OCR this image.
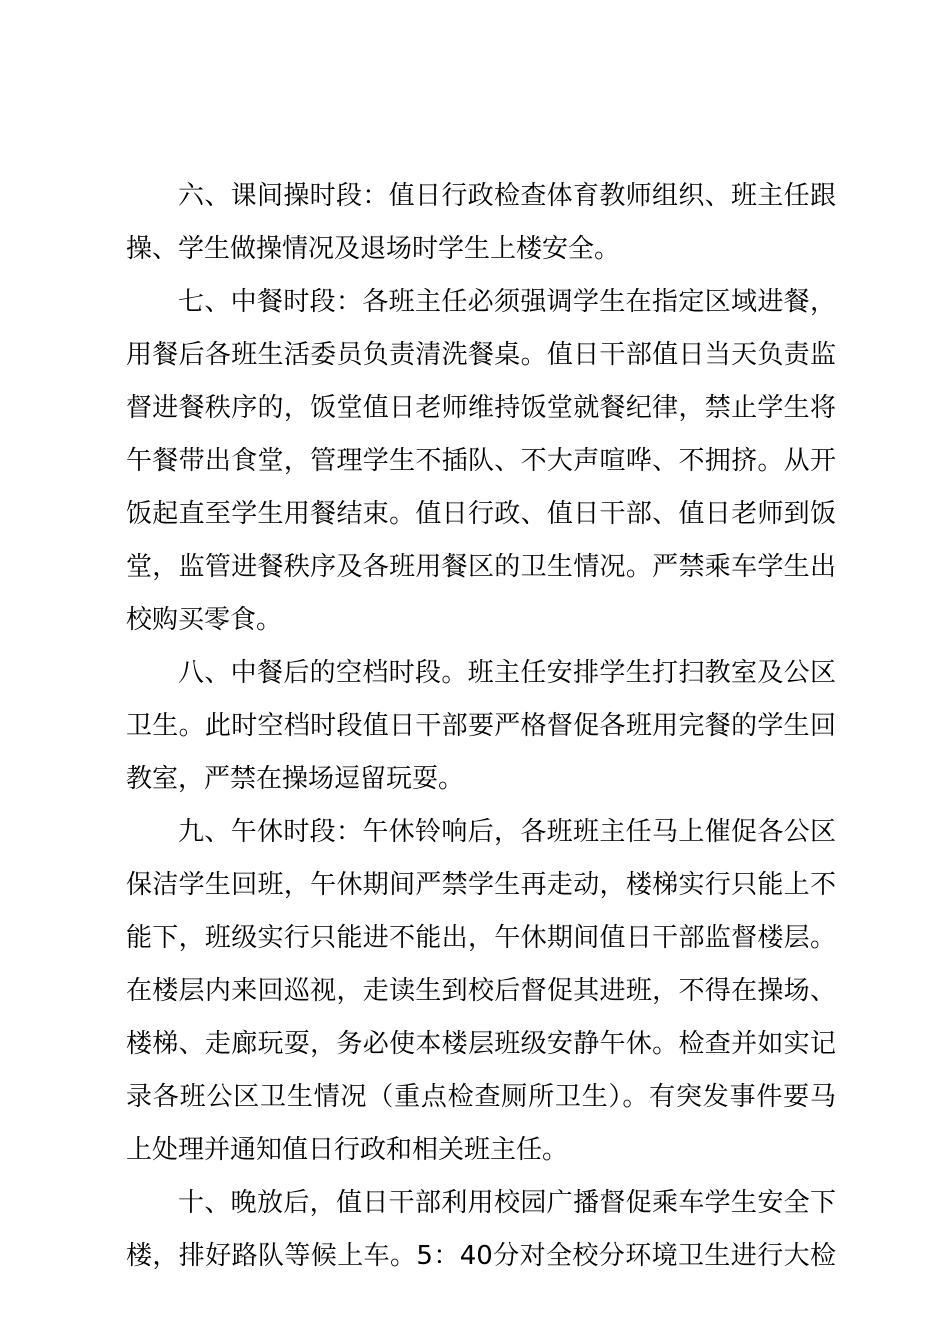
六、课间操时段：值日行政检查体育教师组织、班主任跟
操、学生做操情况及退场时学生上楼安全。
七、中餐时段：各班主任必须强调学生在指定区域进餐，
用餐后各班生活委员负责清洗餐桌。值日干部值日当天负责监
督进餐秩序的，饭堂值日老师维持饭堂就餐纪律，禁止学生将
午餐带出食堂，管理学生不插队、不大声喧哗、不拥挤。从开
饭起直至学生用餐结束。值日行政、值日干部、值日老师到饭
堂，监管进餐秩序及各班用餐区的卫生情况。严禁乘车学生出
校购买零食。
八、中餐后的空档时段。班主任安排学生打扫教室及公区
卫生。此时空档时段值日干部要严格督促各班用完餐的学生回
教室，严禁在操场逗留玩耍。
九、午休时段：午休铃响后，各班班主任马上催促各公区
保洁学生回班，午休期间严禁学生再走动，楼梯实行只能上不
能下，班级实行只能进不能出，午休期间值日干部监督楼层。
在楼层内来回巡视，走读生到校后督促其进班，不得在操场、
楼梯、走廊玩耍，务必使本楼层班级安静午休。检查并如实记
录各班公区卫生情况（重点检查厕所卫生）。有突发事件要马
上处理并通知值日行政和相关班主任。
十、晚放后，值日干部利用校园广播督促乘车学生安全下
楼，排好路队等候上车。5：40分对全校分环境卫生进行大检
